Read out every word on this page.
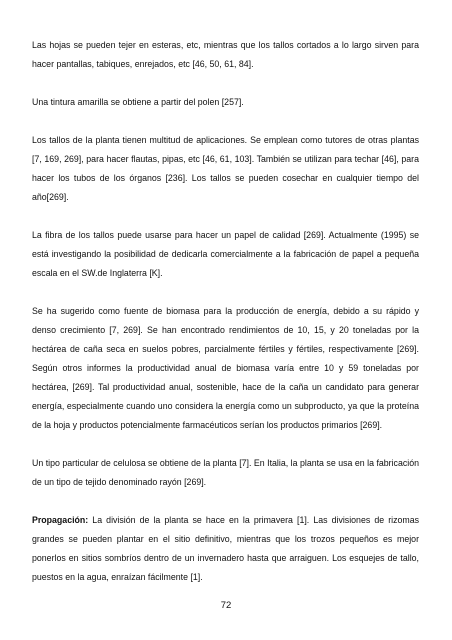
Las hojas se pueden tejer en esteras, etc, mientras que los tallos cortados a lo largo sirven para hacer pantallas, tabiques, enrejados, etc [46, 50, 61, 84].

Una tintura amarilla se obtiene a partir del polen [257].

Los tallos de la planta tienen multitud de aplicaciones. Se emplean como tutores de otras plantas [7, 169, 269], para hacer flautas, pipas, etc [46, 61, 103]. También se utilizan para techar [46], para hacer los tubos de los órganos [236]. Los tallos se pueden cosechar en cualquier tiempo del año[269].

La fibra de los tallos puede usarse para hacer un papel de calidad [269]. Actualmente (1995) se está investigando la posibilidad de dedicarla comercialmente a la fabricación de papel a pequeña escala en el SW.de Inglaterra [K].

Se ha sugerido como fuente de biomasa para la producción de energía, debido a su rápido y denso crecimiento [7, 269]. Se han encontrado rendimientos de 10, 15, y 20 toneladas por la hectárea de caña seca en suelos pobres, parcialmente fértiles y fértiles, respectivamente [269]. Según otros informes la productividad anual de biomasa varía entre 10 y 59 toneladas por hectárea, [269]. Tal productividad anual, sostenible, hace de la caña un candidato para generar energía, especialmente cuando uno considera la energía como un subproducto, ya que la proteína de la hoja y productos potencialmente farmacéuticos serían los productos primarios [269].

Un tipo particular de celulosa se obtiene de la planta [7]. En Italia, la planta se usa en la fabricación de un tipo de tejido denominado rayón [269].

Propagación: La división de la planta se hace en la primavera [1]. Las divisiones de rizomas grandes se pueden plantar en el sitio definitivo, mientras que los trozos pequeños es mejor ponerlos en sitios sombríos dentro de un invernadero hasta que arraiguen. Los esquejes de tallo, puestos en la agua, enraízan fácilmente [1].

72
